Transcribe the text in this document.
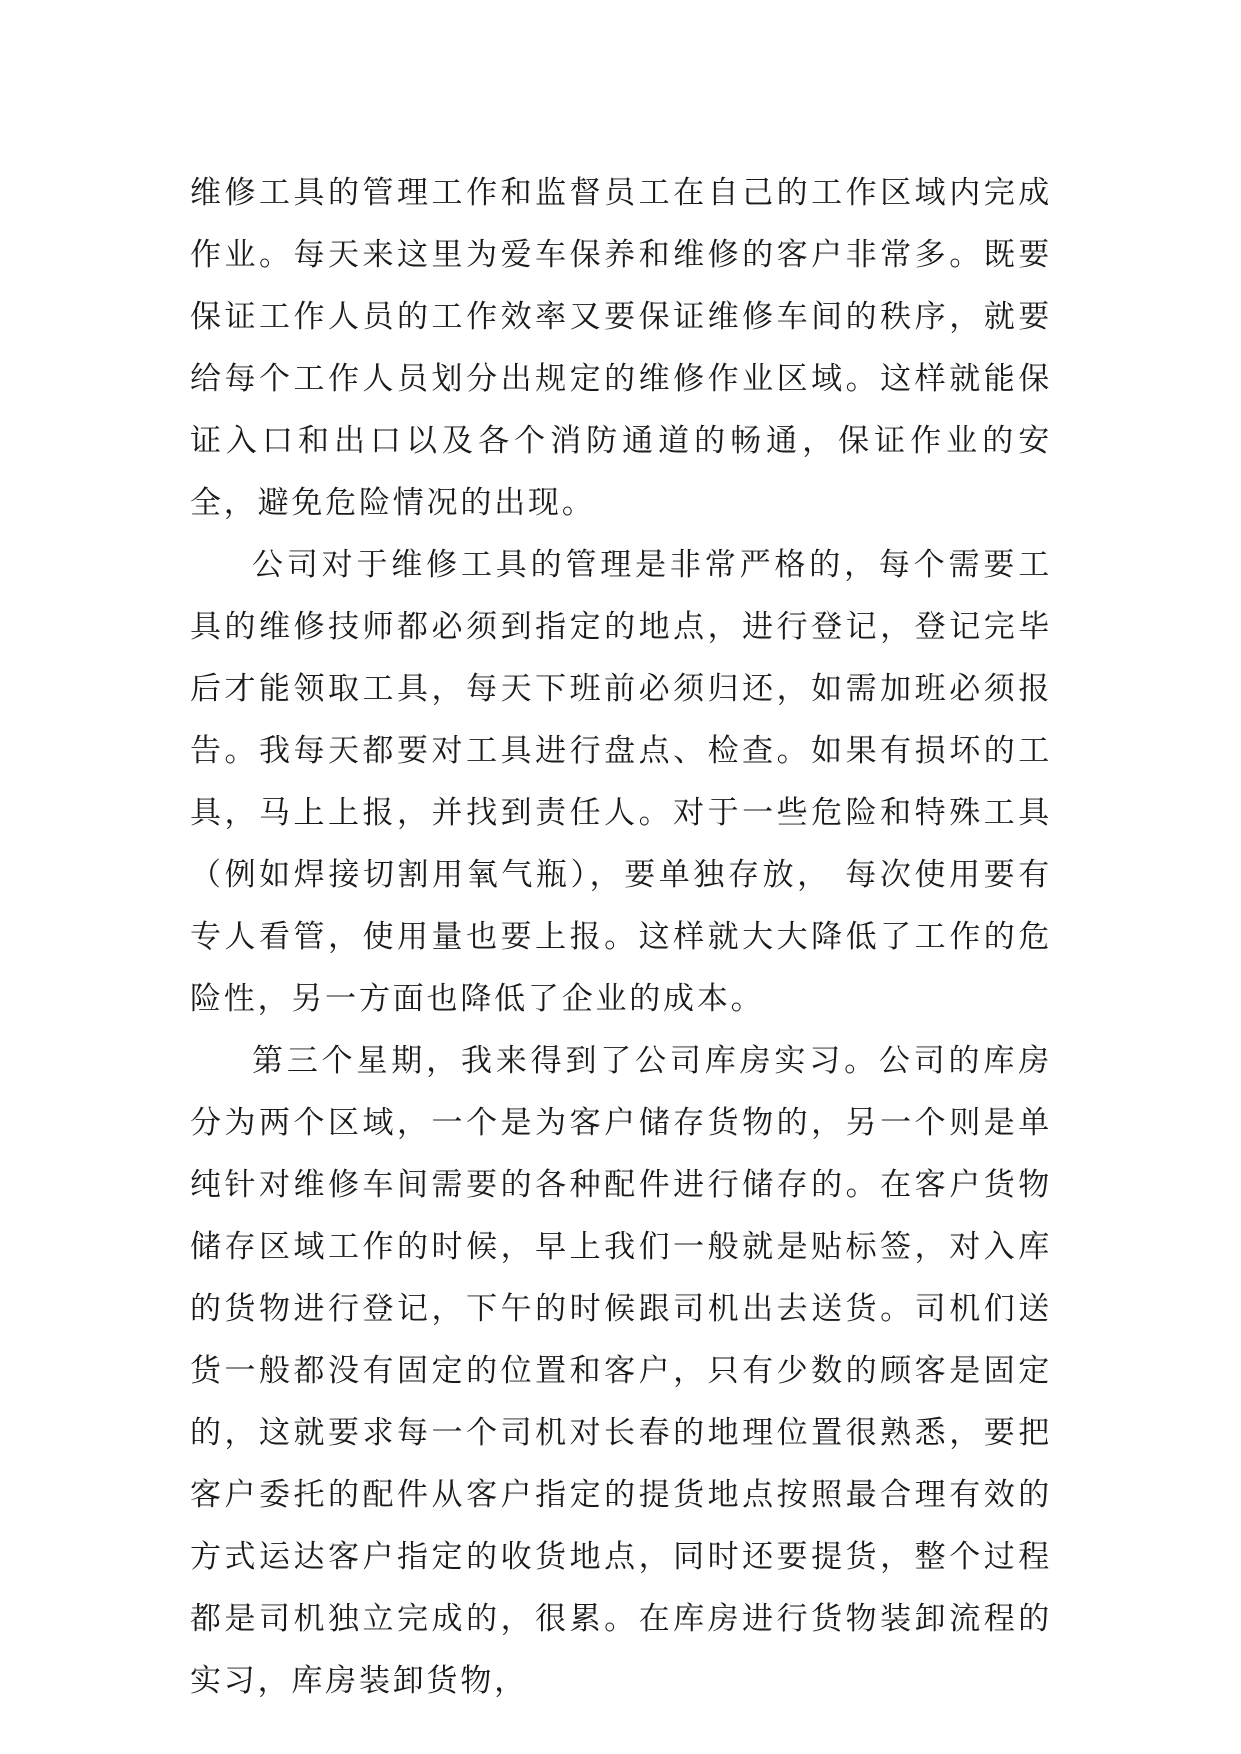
维修工具的管理工作和监督员工在自己的工作区域内完成作业。每天来这里为爱车保养和维修的客户非常多。既要保证工作人员的工作效率又要保证维修车间的秩序，就要给每个工作人员划分出规定的维修作业区域。这样就能保证入口和出口以及各个消防通道的畅通，保证作业的安全，避免危险情况的出现。

公司对于维修工具的管理是非常严格的，每个需要工具的维修技师都必须到指定的地点，进行登记，登记完毕后才能领取工具，每天下班前必须归还，如需加班必须报告。我每天都要对工具进行盘点、检查。如果有损坏的工具，马上上报，并找到责任人。对于一些危险和特殊工具（例如焊接切割用氧气瓶），要单独存放， 每次使用要有专人看管，使用量也要上报。这样就大大降低了工作的危险性，另一方面也降低了企业的成本。

第三个星期，我来得到了公司库房实习。公司的库房分为两个区域，一个是为客户储存货物的，另一个则是单纯针对维修车间需要的各种配件进行储存的。在客户货物储存区域工作的时候，早上我们一般就是贴标签，对入库的货物进行登记，下午的时候跟司机出去送货。司机们送货一般都没有固定的位置和客户，只有少数的顾客是固定的，这就要求每一个司机对长春的地理位置很熟悉，要把客户委托的配件从客户指定的提货地点按照最合理有效的方式运达客户指定的收货地点，同时还要提货，整个过程都是司机独立完成的，很累。在库房进行货物装卸流程的实习，库房装卸货物，
